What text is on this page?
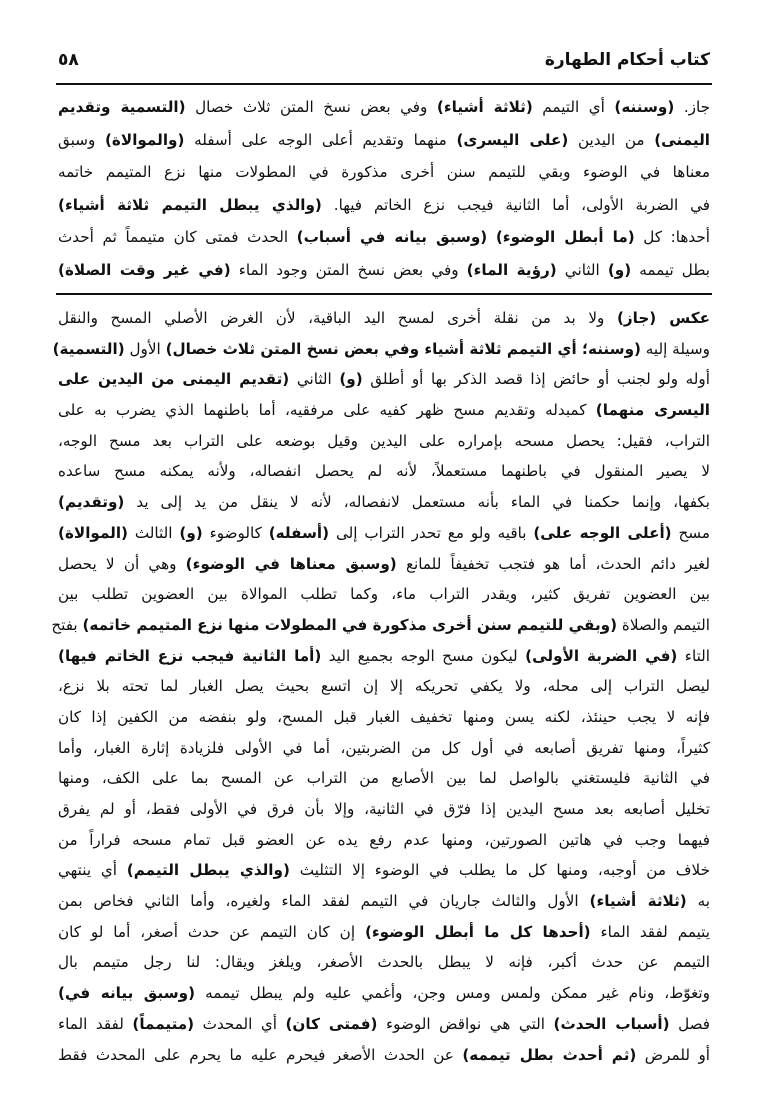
كتاب أحكام الطهارة
٥٨
جاز. (وسننه) أي التيمم (ثلاثة أشياء) وفي بعض نسخ المتن ثلاث خصال (التسمية وتقديم
اليمنى) من اليدين (على اليسرى) منهما وتقديم أعلى الوجه على أسفله (والموالاة) وسبق
معناها في الوضوء وبقي للتيمم سنن أخرى مذكورة في المطولات منها نزع المتيمم خاتمه
في الضربة الأولى، أما الثانية فيجب نزع الخاتم فيها. (والذي يبطل التيمم ثلاثة أشياء)
أحدها: كل (ما أبطل الوضوء) (وسبق بيانه في أسباب) الحدث فمتى كان متيمماً ثم أحدث
بطل تيممه (و) الثاني (رؤية الماء) وفي بعض نسخ المتن وجود الماء (في غير وقت الصلاة)
عكس (جاز) ولا بد من نقلة أخرى لمسح اليد الباقية، لأن الغرض الأصلي المسح والنقل
وسيلة إليه (وسننه؛ أي التيمم ثلاثة أشياء وفي بعض نسخ المتن ثلاث خصال) الأول (التسمية)
أوله ولو لجنب أو حائض إذا قصد الذكر بها أو أطلق (و) الثاني (تقديم اليمنى من اليدين على
اليسرى منهما) كمبدله وتقديم مسح ظهر كفيه على مرفقيه، أما باطنهما الذي يضرب به على
التراب، فقيل: يحصل مسحه بإمراره على اليدين وقيل بوضعه على التراب بعد مسح الوجه،
لا يصير المنقول في باطنهما مستعملاً، لأنه لم يحصل انفصاله، ولأنه يمكنه مسح ساعده
بكفها، وإنما حكمنا في الماء بأنه مستعمل لانفصاله، لأنه لا ينقل من يد إلى يد (وتقديم)
مسح (أعلى الوجه على) باقيه ولو مع تحدر التراب إلى (أسفله) كالوضوء (و) الثالث (الموالاة)
لغير دائم الحدث، أما هو فتجب تخفيفاً للمانع (وسبق معناها في الوضوء) وهي أن لا يحصل
بين العضوين تفريق كثير، ويقدر التراب ماء، وكما تطلب الموالاة بين العضوين تطلب بين
التيمم والصلاة (وبقي للتيمم سنن أخرى مذكورة في المطولات منها نزع المتيمم خاتمه) بفتح
التاء (في الضربة الأولى) ليكون مسح الوجه بجميع اليد (أما الثانية فيجب نزع الخاتم فيها)
ليصل التراب إلى محله، ولا يكفي تحريكه إلا إن اتسع بحيث يصل الغبار لما تحته بلا نزع،
فإنه لا يجب حينئذ، لكنه يسن ومنها تخفيف الغبار قبل المسح، ولو بنفضه من الكفين إذا كان
كثيراً، ومنها تفريق أصابعه في أول كل من الضربتين، أما في الأولى فلزيادة إثارة الغبار، وأما
في الثانية فليستغني بالواصل لما بين الأصابع من التراب عن المسح بما على الكف، ومنها
تخليل أصابعه بعد مسح اليدين إذا فرّق في الثانية، وإلا بأن فرق في الأولى فقط، أو لم يفرق
فيهما وجب في هاتين الصورتين، ومنها عدم رفع يده عن العضو قبل تمام مسحه فراراً من
خلاف من أوجبه، ومنها كل ما يطلب في الوضوء إلا التثليث (والذي يبطل التيمم) أي ينتهي
به (ثلاثة أشياء) الأول والثالث جاريان في التيمم لفقد الماء ولغيره، وأما الثاني فخاص بمن
يتيمم لفقد الماء (أحدها كل ما أبطل الوضوء) إن كان التيمم عن حدث أصغر، أما لو كان
التيمم عن حدث أكبر، فإنه لا يبطل بالحدث الأصغر، ويلغز ويقال: لنا رجل متيمم بال
وتغوّط، ونام غير ممكن ولمس ومس وجن، وأغمي عليه ولم يبطل تيممه (وسبق بيانه في)
فصل (أسباب الحدث) التي هي نواقض الوضوء (فمتى كان) أي المحدث (متيمماً) لفقد الماء
أو للمرض (ثم أحدث بطل تيممه) عن الحدث الأصغر فيحرم عليه ما يحرم على المحدث فقط
